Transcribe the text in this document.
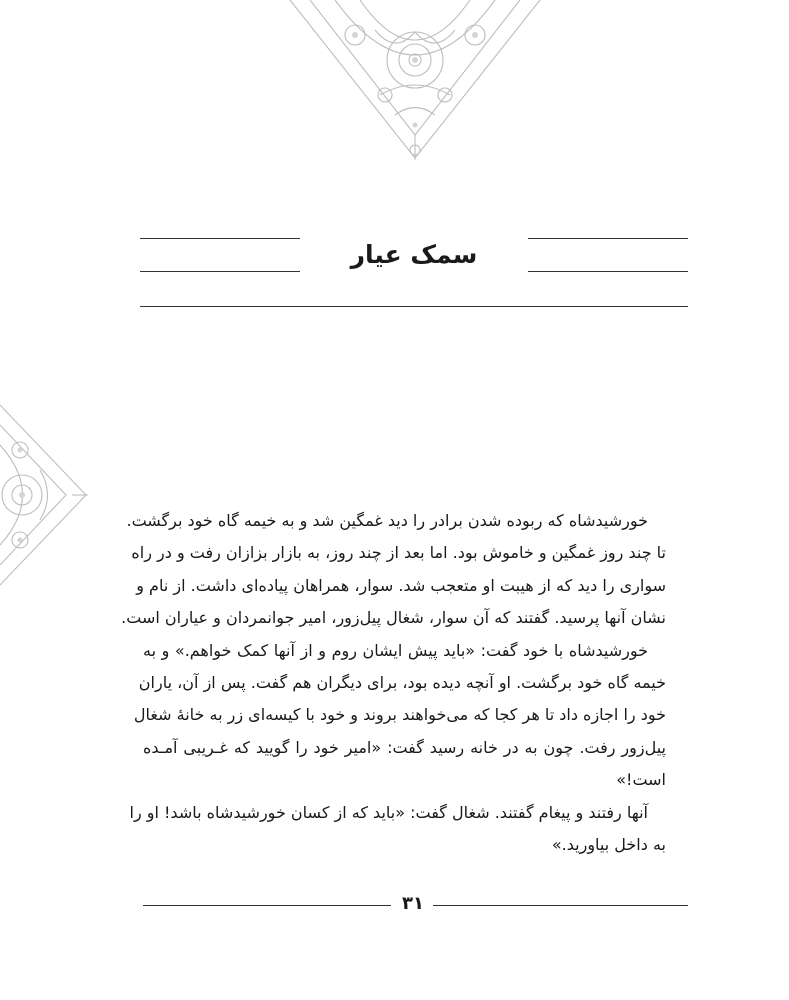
سمک عیار
خورشیدشاه که ربوده شدن برادر را دید غمگین شد و به خیمه گاه خود برگشت.
تا چند روز غمگین و خاموش بود. اما بعد از چند روز، به بازار بزازان رفت و در راه
سواری را دید که از هیبت او متعجب شد. سوار، همراهان پیاده‌ای داشت. از نام و
نشان آنها پرسید. گفتند که آن سوار، شغال پیل‌زور، امیر جوانمردان و عیاران است.
خورشیدشاه با خود گفت: «باید پیش ایشان روم و از آنها کمک خواهم.» و به
خیمه گاه خود برگشت. او آنچه دیده بود، برای دیگران هم گفت. پس از آن، یاران
خود را اجازه داد تا هر کجا که می‌خواهند بروند و خود با کیسه‌ای زر به خانهٔ شغال
پیل‌زور رفت. چون به در خانه رسید گفت: «امیر خود را گویید که غـریبی آمـده
است!»
آنها رفتند و پیغام گفتند. شغال گفت: «باید که از کسان خورشیدشاه باشد! او را
به داخل بیاورید.»
۳۱
